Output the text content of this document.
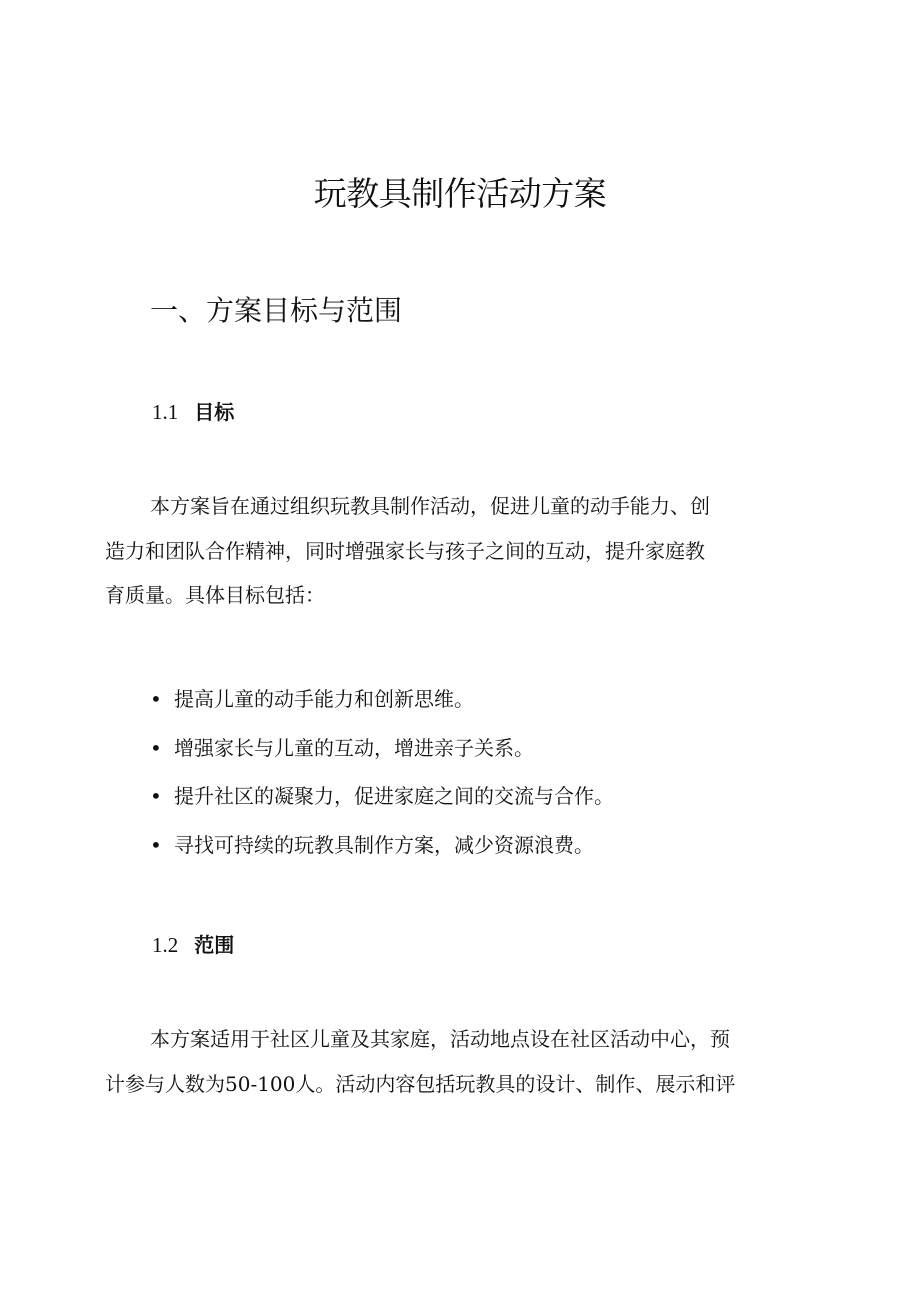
玩教具制作活动方案
一、方案目标与范围
1.1 目标
本方案旨在通过组织玩教具制作活动，促进儿童的动手能力、创
造力和团队合作精神，同时增强家长与孩子之间的互动，提升家庭教
育质量。具体目标包括：
• 提高儿童的动手能力和创新思维。
• 增强家长与儿童的互动，增进亲子关系。
• 提升社区的凝聚力，促进家庭之间的交流与合作。
• 寻找可持续的玩教具制作方案，减少资源浪费。
1.2 范围
本方案适用于社区儿童及其家庭，活动地点设在社区活动中心，预
计参与人数为50-100人。活动内容包括玩教具的设计、制作、展示和评
